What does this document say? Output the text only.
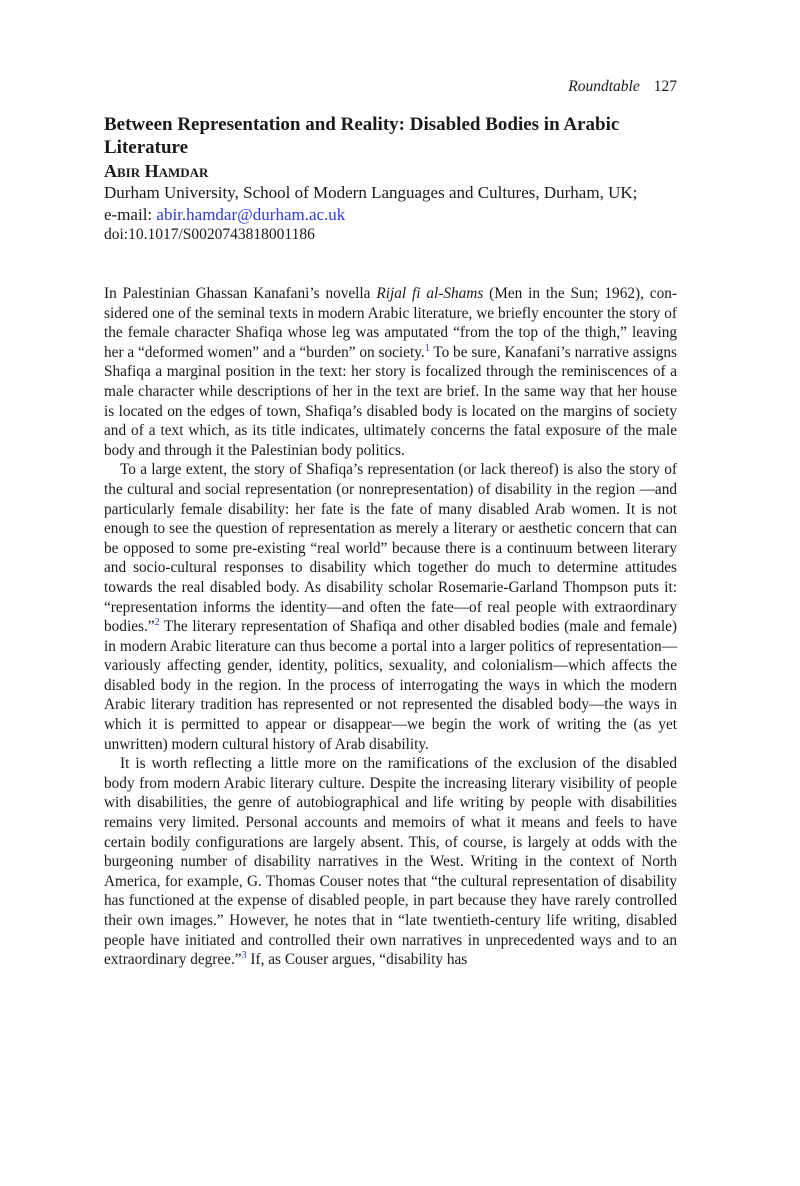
Roundtable 127
Between Representation and Reality: Disabled Bodies in Arabic Literature
Abir Hamdar
Durham University, School of Modern Languages and Cultures, Durham, UK;
e-mail: abir.hamdar@durham.ac.uk
doi:10.1017/S0020743818001186

In Palestinian Ghassan Kanafani’s novella Rijal fi al-Shams (Men in the Sun; 1962), considered one of the seminal texts in modern Arabic literature, we briefly encounter the story of the female character Shafiqa whose leg was amputated “from the top of the thigh,” leaving her a “deformed women” and a “burden” on society.$^1$ To be sure, Kanafani’s narrative assigns Shafiqa a marginal position in the text: her story is focalized through the reminiscences of a male character while descriptions of her in the text are brief. In the same way that her house is located on the edges of town, Shafiqa’s disabled body is located on the margins of society and of a text which, as its title indicates, ultimately concerns the fatal exposure of the male body and through it the Palestinian body politics.

To a large extent, the story of Shafiqa’s representation (or lack thereof) is also the story of the cultural and social representation (or nonrepresentation) of disability in the region —and particularly female disability: her fate is the fate of many disabled Arab women. It is not enough to see the question of representation as merely a literary or aesthetic concern that can be opposed to some pre-existing “real world” because there is a continuum between literary and socio-cultural responses to disability which together do much to determine attitudes towards the real disabled body. As disability scholar Rosemarie-Garland Thompson puts it: “representation informs the identity—and often the fate—of real people with extraordinary bodies.”$^2$ The literary representation of Shafiqa and other disabled bodies (male and female) in modern Arabic literature can thus become a portal into a larger politics of representation—variously affecting gender, identity, politics, sexuality, and colonialism—which affects the disabled body in the region. In the process of interrogating the ways in which the modern Arabic literary tradition has represented or not represented the disabled body—the ways in which it is permitted to appear or disappear—we begin the work of writing the (as yet unwritten) modern cultural history of Arab disability.

It is worth reflecting a little more on the ramifications of the exclusion of the disabled body from modern Arabic literary culture. Despite the increasing literary visibility of people with disabilities, the genre of autobiographical and life writing by people with disabilities remains very limited. Personal accounts and memoirs of what it means and feels to have certain bodily configurations are largely absent. This, of course, is largely at odds with the burgeoning number of disability narratives in the West. Writing in the context of North America, for example, G. Thomas Couser notes that “the cultural representation of disability has functioned at the expense of disabled people, in part because they have rarely controlled their own images.” However, he notes that in “late twentieth-century life writing, disabled people have initiated and controlled their own narratives in unprecedented ways and to an extraordinary degree.”$^3$ If, as Couser argues, “disability has
